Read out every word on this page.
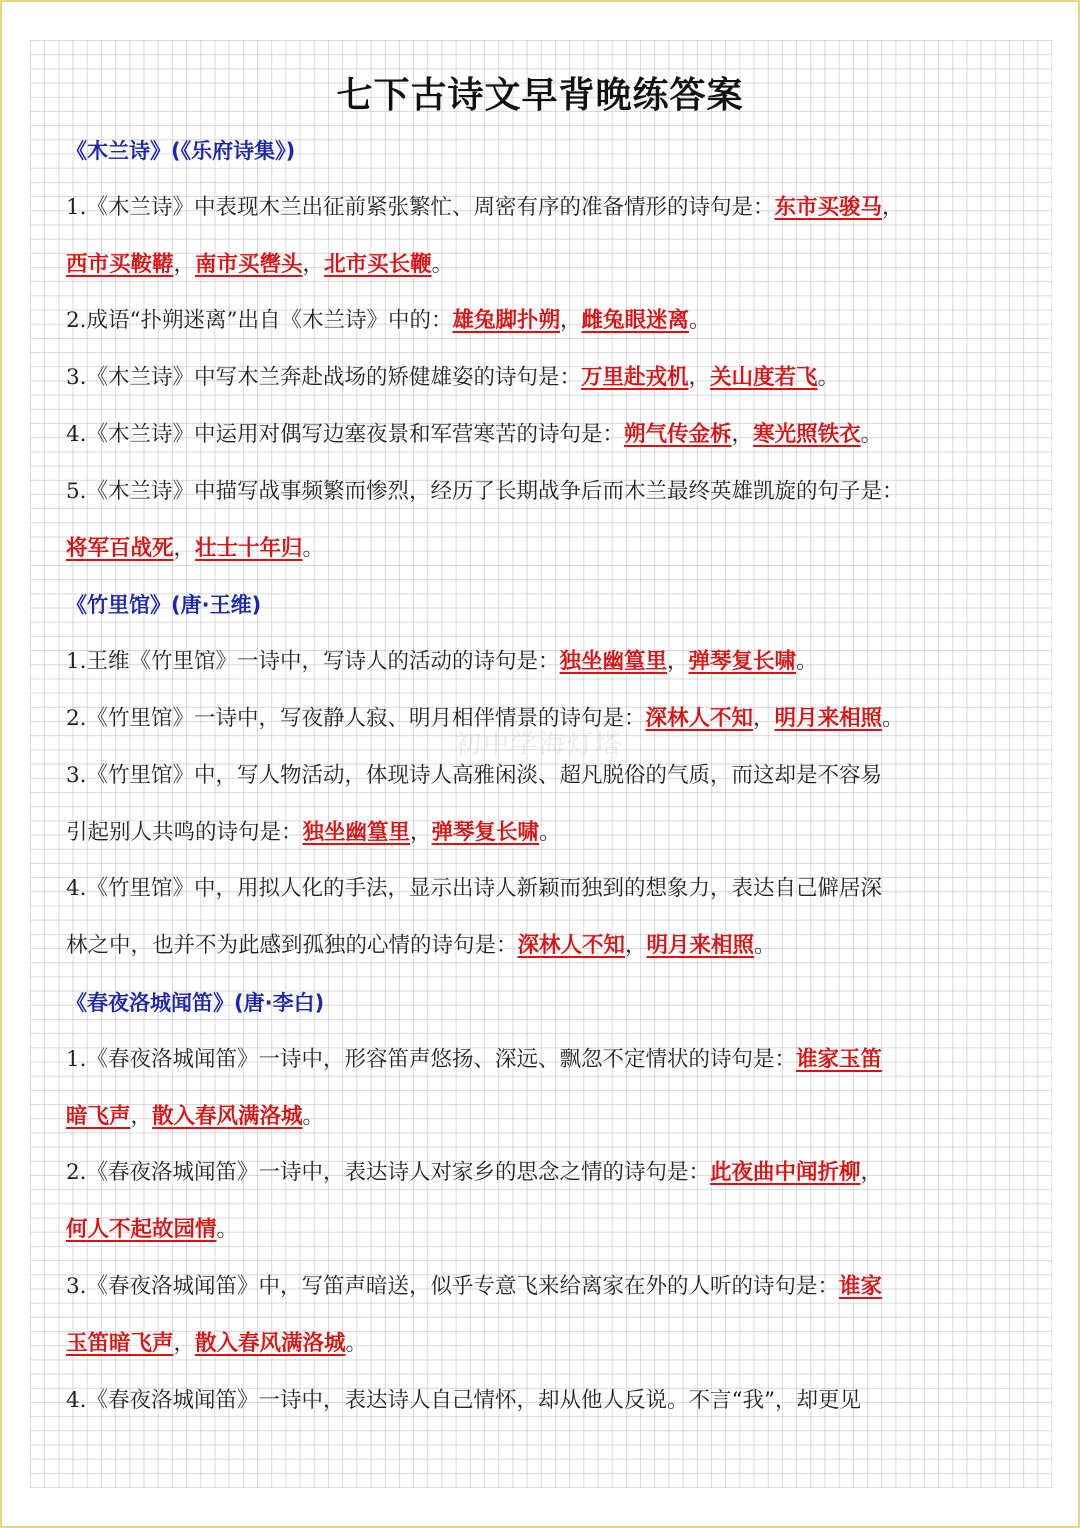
初中学海灯塔
七下古诗文早背晚练答案
《木兰诗》(《乐府诗集》)
1.《木兰诗》中表现木兰出征前紧张繁忙、周密有序的准备情形的诗句是：东市买骏马，
西市买鞍鞯，南市买辔头，北市买长鞭。
2.成语“扑朔迷离”出自《木兰诗》中的：雄兔脚扑朔，雌兔眼迷离。
3.《木兰诗》中写木兰奔赴战场的矫健雄姿的诗句是：万里赴戎机，关山度若飞。
4.《木兰诗》中运用对偶写边塞夜景和军营寒苦的诗句是：朔气传金柝，寒光照铁衣。
5.《木兰诗》中描写战事频繁而惨烈，经历了长期战争后而木兰最终英雄凯旋的句子是：
将军百战死，壮士十年归。
《竹里馆》(唐·王维)
1.王维《竹里馆》一诗中，写诗人的活动的诗句是：独坐幽篁里，弹琴复长啸。
2.《竹里馆》一诗中，写夜静人寂、明月相伴情景的诗句是：深林人不知，明月来相照。
3.《竹里馆》中，写人物活动，体现诗人高雅闲淡、超凡脱俗的气质，而这却是不容易
引起别人共鸣的诗句是：独坐幽篁里，弹琴复长啸。
4.《竹里馆》中，用拟人化的手法，显示出诗人新颖而独到的想象力，表达自己僻居深
林之中，也并不为此感到孤独的心情的诗句是：深林人不知，明月来相照。
《春夜洛城闻笛》(唐·李白)
1.《春夜洛城闻笛》一诗中，形容笛声悠扬、深远、飘忽不定情状的诗句是：谁家玉笛
暗飞声，散入春风满洛城。
2.《春夜洛城闻笛》一诗中，表达诗人对家乡的思念之情的诗句是：此夜曲中闻折柳，
何人不起故园情。
3.《春夜洛城闻笛》中，写笛声暗送，似乎专意飞来给离家在外的人听的诗句是：谁家
玉笛暗飞声，散入春风满洛城。
4.《春夜洛城闻笛》一诗中，表达诗人自己情怀，却从他人反说。不言“我”，却更见
